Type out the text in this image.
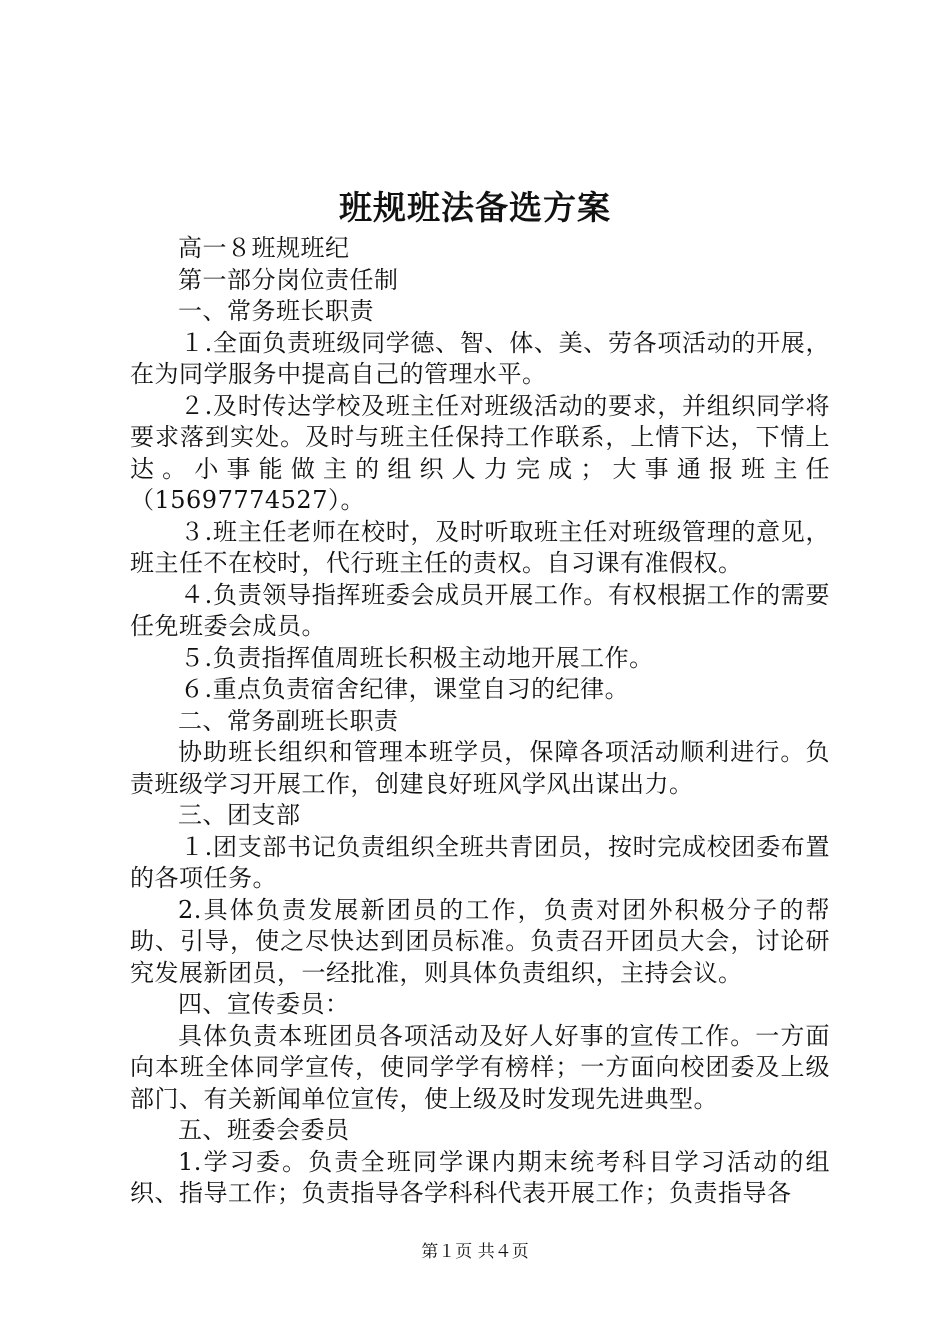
班规班法备选方案

高一８班规班纪

第一部分岗位责任制

一、常务班长职责

１.全面负责班级同学德、智、体、美、劳各项活动的开展，在为同学服务中提高自己的管理水平。

２.及时传达学校及班主任对班级活动的要求，并组织同学将要求落到实处。及时与班主任保持工作联系，上情下达，下情上达。小事能做主的组织人力完成；大事通报班主任（15697774527）。

３.班主任老师在校时，及时听取班主任对班级管理的意见，班主任不在校时，代行班主任的责权。自习课有准假权。

４.负责领导指挥班委会成员开展工作。有权根据工作的需要任免班委会成员。

５.负责指挥值周班长积极主动地开展工作。

６.重点负责宿舍纪律，课堂自习的纪律。

二、常务副班长职责

协助班长组织和管理本班学员，保障各项活动顺利进行。负责班级学习开展工作，创建良好班风学风出谋出力。

三、团支部

１.团支部书记负责组织全班共青团员，按时完成校团委布置的各项任务。

2.具体负责发展新团员的工作，负责对团外积极分子的帮助、引导，使之尽快达到团员标准。负责召开团员大会，讨论研究发展新团员，一经批准，则具体负责组织，主持会议。

四、宣传委员：

具体负责本班团员各项活动及好人好事的宣传工作。一方面向本班全体同学宣传，使同学学有榜样；一方面向校团委及上级部门、有关新闻单位宣传，使上级及时发现先进典型。

五、班委会委员

1.学习委。负责全班同学课内期末统考科目学习活动的组织、指导工作；负责指导各学科科代表开展工作；负责指导各

第１页 共４页
